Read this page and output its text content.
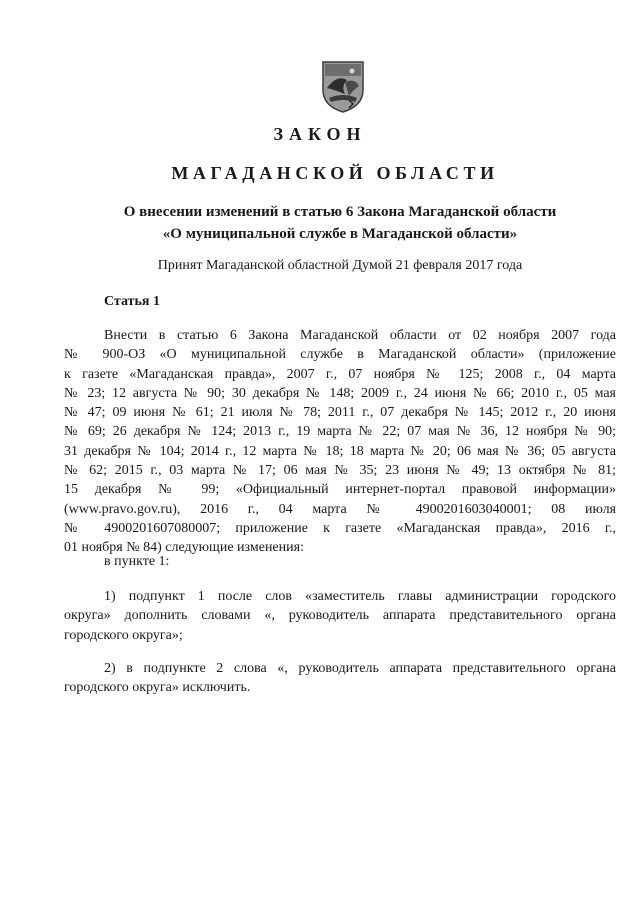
ЗАКОН
МАГАДАНСКОЙ ОБЛАСТИ
О внесении изменений в статью 6 Закона Магаданской области
«О муниципальной службе в Магаданской области»
Принят Магаданской областной Думой 21 февраля 2017 года
Статья 1
Внести в статью 6 Закона Магаданской области от 02 ноября 2007 года
№ 900-ОЗ «О муниципальной службе в Магаданской области» (приложение
к газете «Магаданская правда», 2007 г., 07 ноября № 125; 2008 г., 04 марта
№ 23; 12 августа № 90; 30 декабря № 148; 2009 г., 24 июня № 66; 2010 г., 05 мая
№ 47; 09 июня № 61; 21 июля № 78; 2011 г., 07 декабря № 145; 2012 г., 20 июня
№ 69; 26 декабря № 124; 2013 г., 19 марта № 22; 07 мая № 36, 12 ноября № 90;
31 декабря № 104; 2014 г., 12 марта № 18; 18 марта № 20; 06 мая № 36; 05 августа
№ 62; 2015 г., 03 марта № 17; 06 мая № 35; 23 июня № 49; 13 октября № 81;
15 декабря № 99; «Официальный интернет-портал правовой информации»
(www.pravo.gov.ru), 2016 г., 04 марта № 4900201603040001; 08 июля
№ 4900201607080007; приложение к газете «Магаданская правда», 2016 г.,
01 ноября № 84) следующие изменения:
в пункте 1:
1) подпункт 1 после слов «заместитель главы администрации городского
округа» дополнить словами «, руководитель аппарата представительного органа
городского округа»;
2) в подпункте 2 слова «, руководитель аппарата представительного органа
городского округа» исключить.
